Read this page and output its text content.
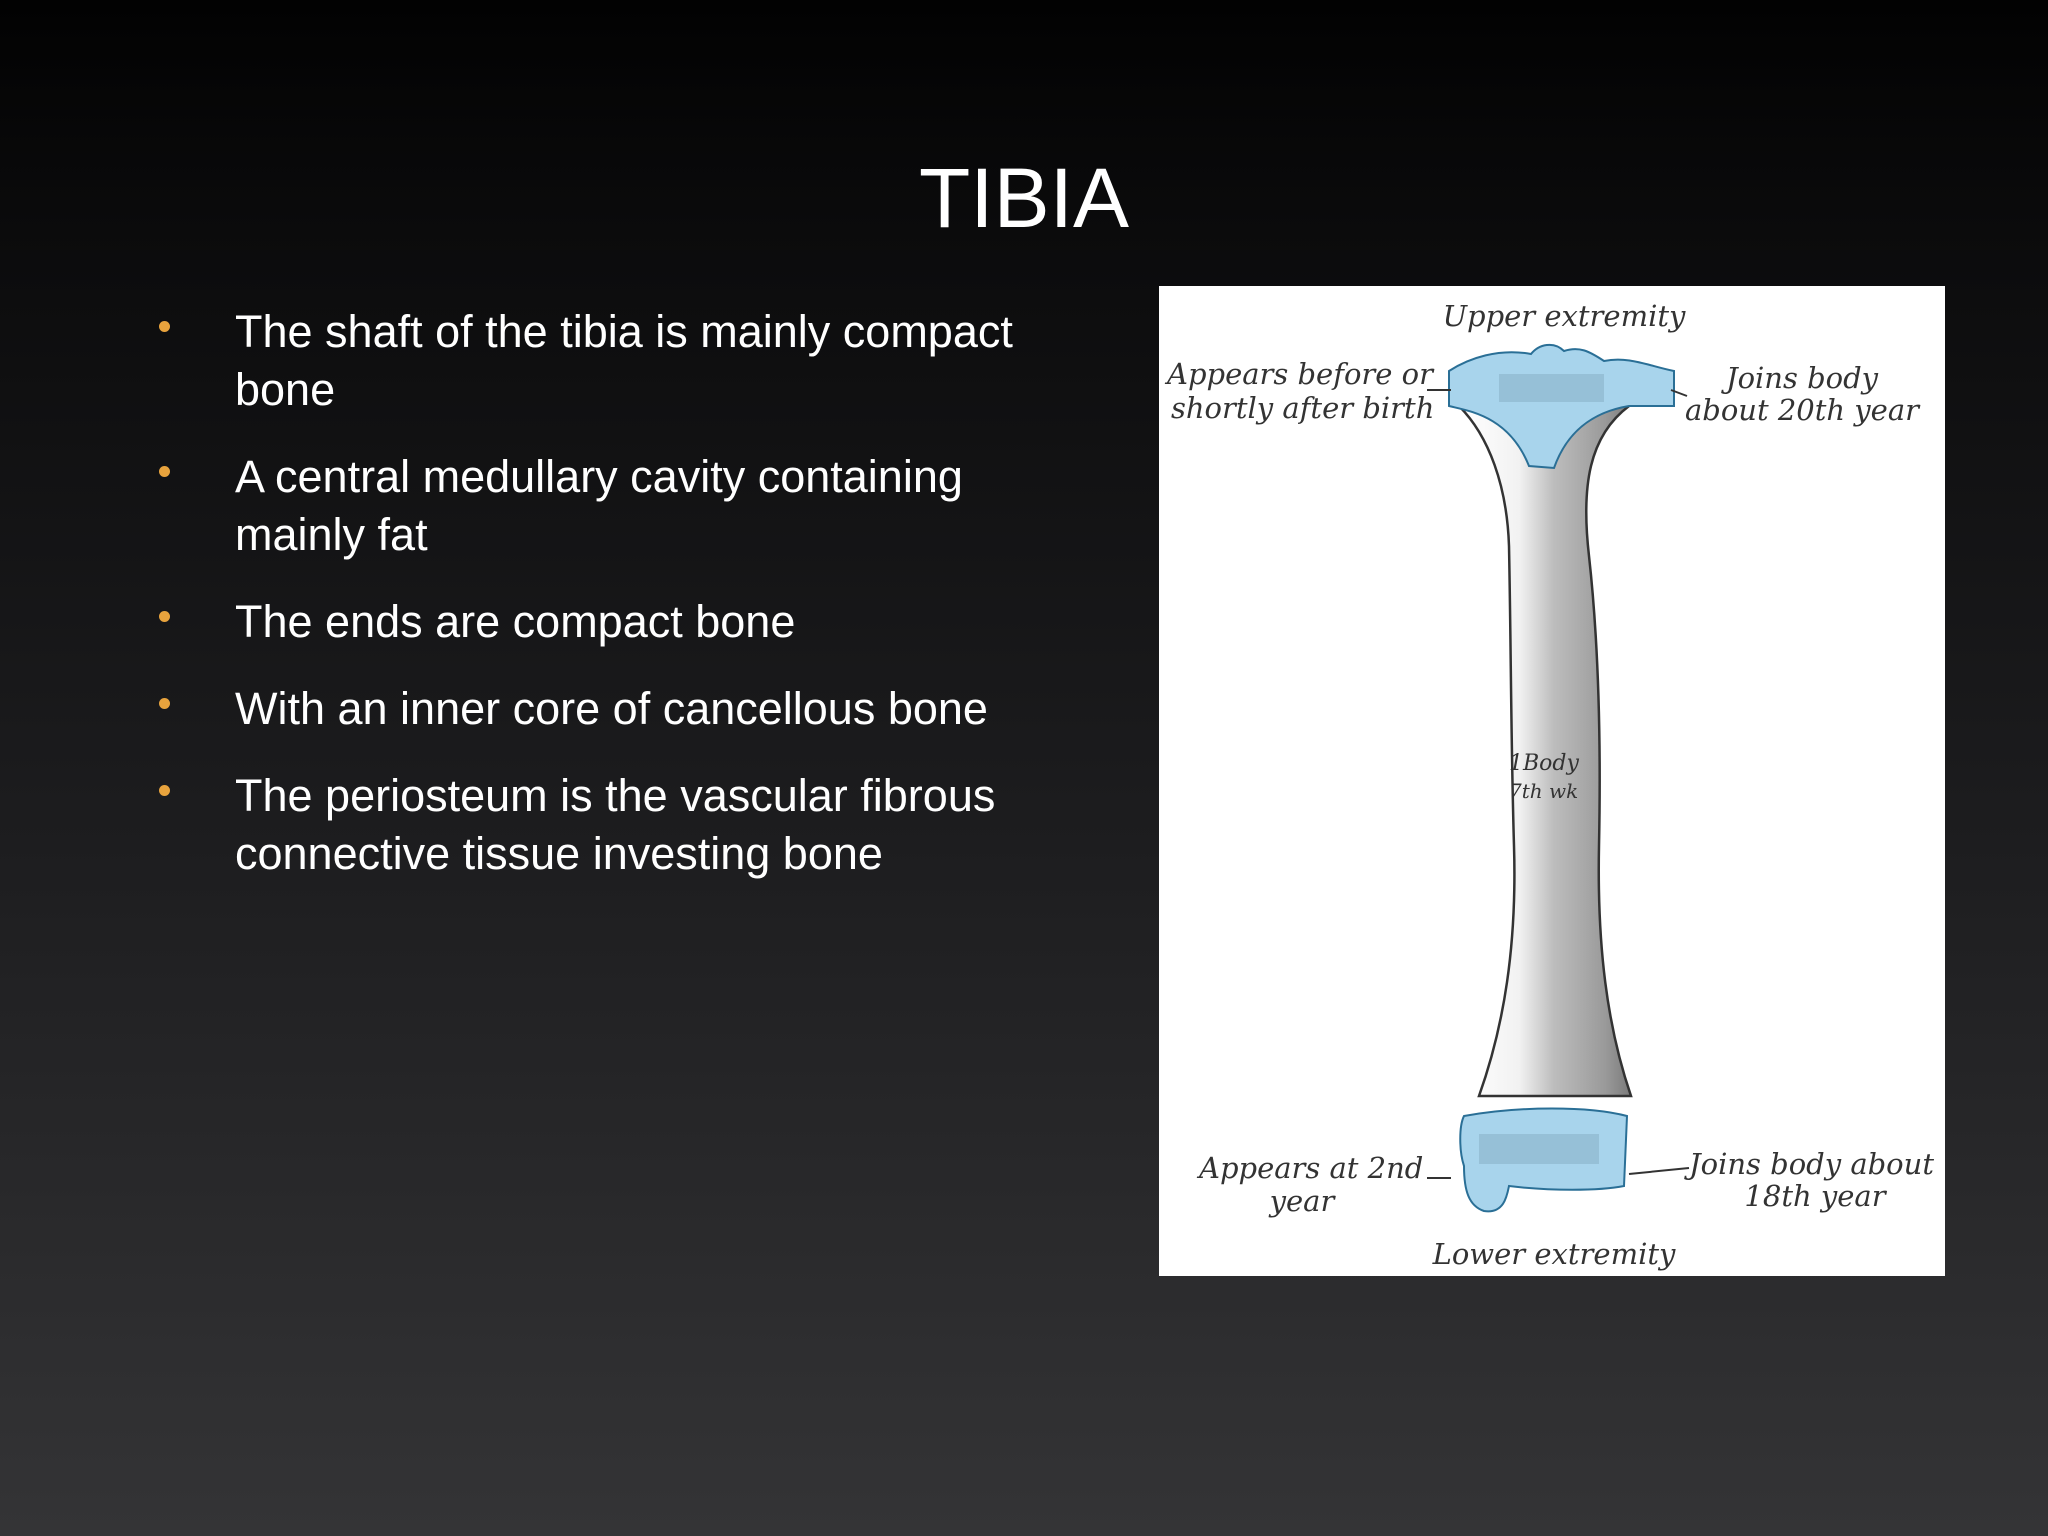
TIBIA
The shaft of the tibia is mainly compact bone
A central medullary cavity containing mainly fat
The ends are compact bone
With an inner core of cancellous bone
The periosteum is the vascular fibrous connective tissue investing bone
Upper extremity
Appears before or
shortly after birth
Joins body
about 20th year
1Body
7th wk
Appears at 2nd
year
Joins body about
18th year
Lower extremity
